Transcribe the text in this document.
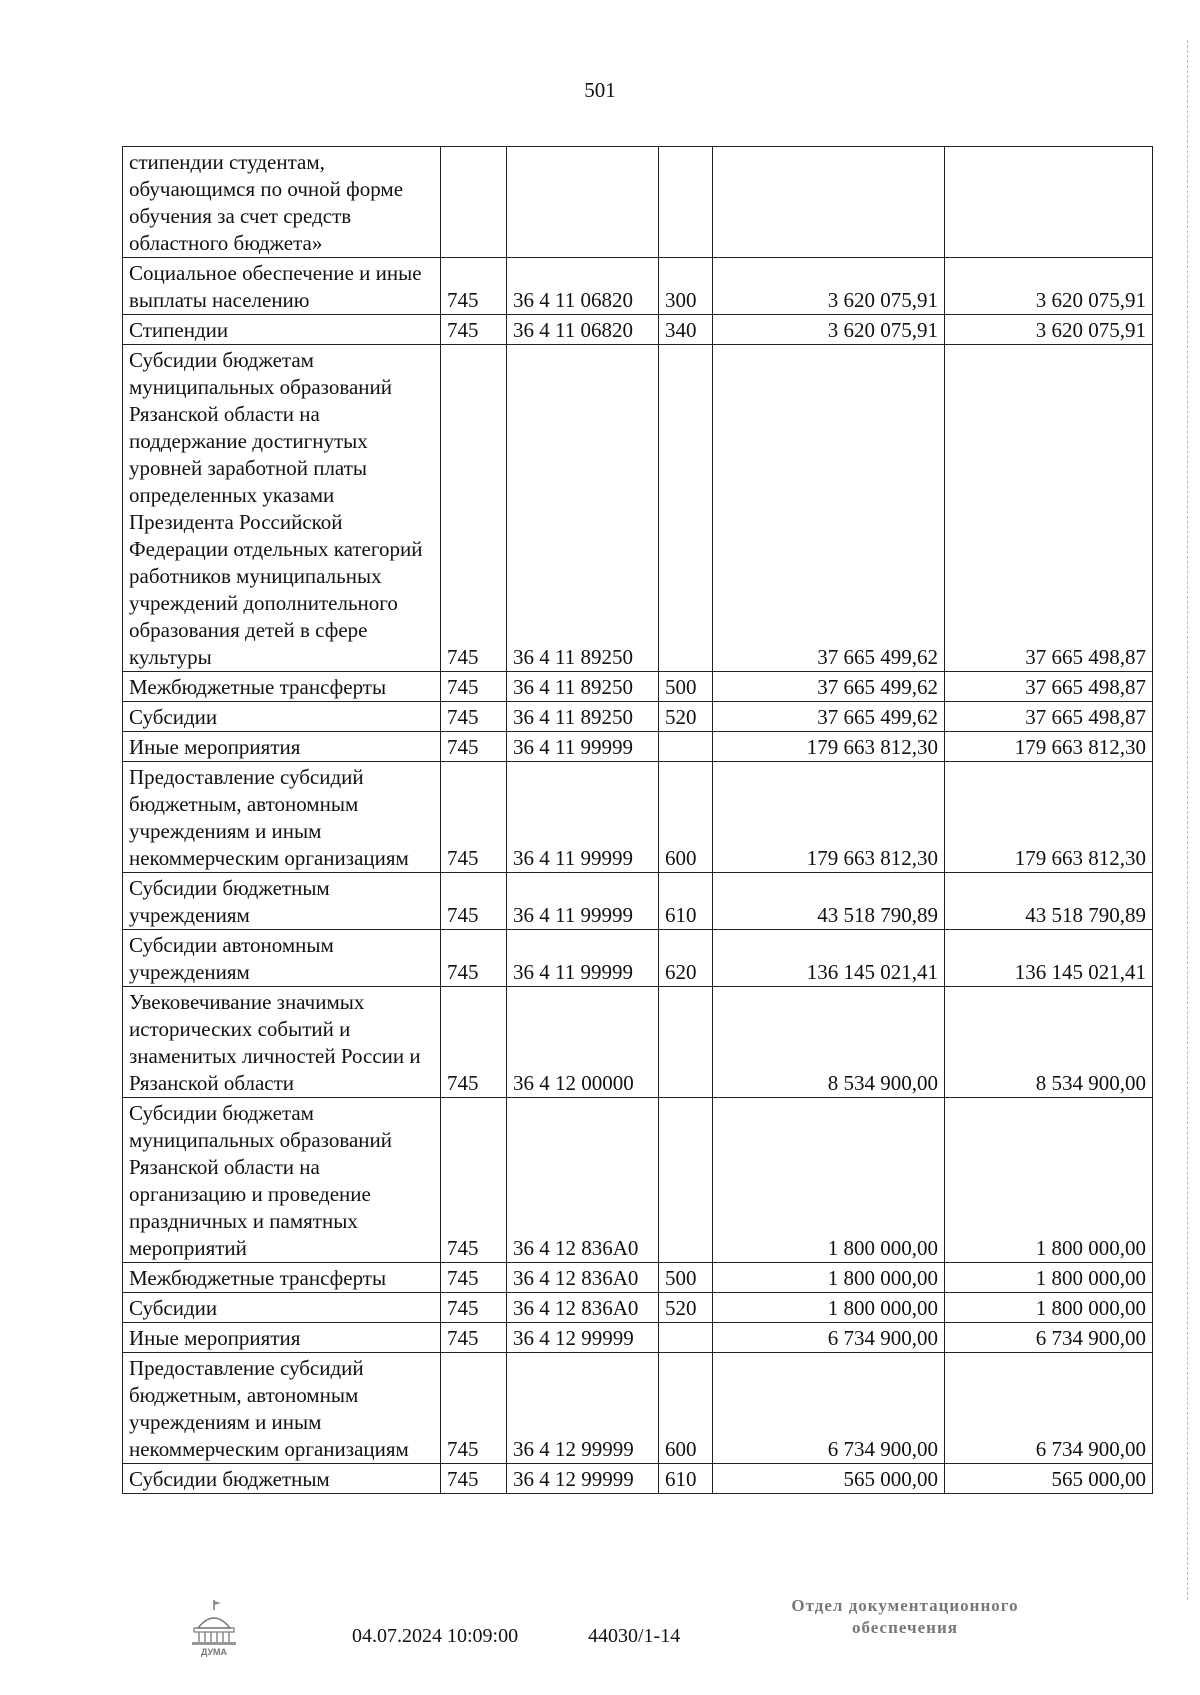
501
стипендии студентам, обучающимся по очной форме обучения за счет средств областного бюджета»					
Социальное обеспечение и иные выплаты населению	745	36 4 11 06820	300	3 620 075,91	3 620 075,91
Стипендии	745	36 4 11 06820	340	3 620 075,91	3 620 075,91
Субсидии бюджетам муниципальных образований Рязанской области на поддержание достигнутых уровней заработной платы определенных указами Президента Российской Федерации отдельных категорий работников муниципальных учреждений дополнительного образования детей в сфере культуры	745	36 4 11 89250		37 665 499,62	37 665 498,87
Межбюджетные трансферты	745	36 4 11 89250	500	37 665 499,62	37 665 498,87
Субсидии	745	36 4 11 89250	520	37 665 499,62	37 665 498,87
Иные мероприятия	745	36 4 11 99999		179 663 812,30	179 663 812,30
Предоставление субсидий бюджетным, автономным учреждениям и иным некоммерческим организациям	745	36 4 11 99999	600	179 663 812,30	179 663 812,30
Субсидии бюджетным учреждениям	745	36 4 11 99999	610	43 518 790,89	43 518 790,89
Субсидии автономным учреждениям	745	36 4 11 99999	620	136 145 021,41	136 145 021,41
Увековечивание значимых исторических событий и знаменитых личностей России и Рязанской области	745	36 4 12 00000		8 534 900,00	8 534 900,00
Субсидии бюджетам муниципальных образований Рязанской области на организацию и проведение праздничных и памятных мероприятий	745	36 4 12 836А0		1 800 000,00	1 800 000,00
Межбюджетные трансферты	745	36 4 12 836А0	500	1 800 000,00	1 800 000,00
Субсидии	745	36 4 12 836А0	520	1 800 000,00	1 800 000,00
Иные мероприятия	745	36 4 12 99999		6 734 900,00	6 734 900,00
Предоставление субсидий бюджетным, автономным учреждениям и иным некоммерческим организациям	745	36 4 12 99999	600	6 734 900,00	6 734 900,00
Субсидии бюджетным	745	36 4 12 99999	610	565 000,00	565 000,00
ДУМА
04.07.2024 10:09:00	44030/1-14
Отдел документационного
обеспечения
